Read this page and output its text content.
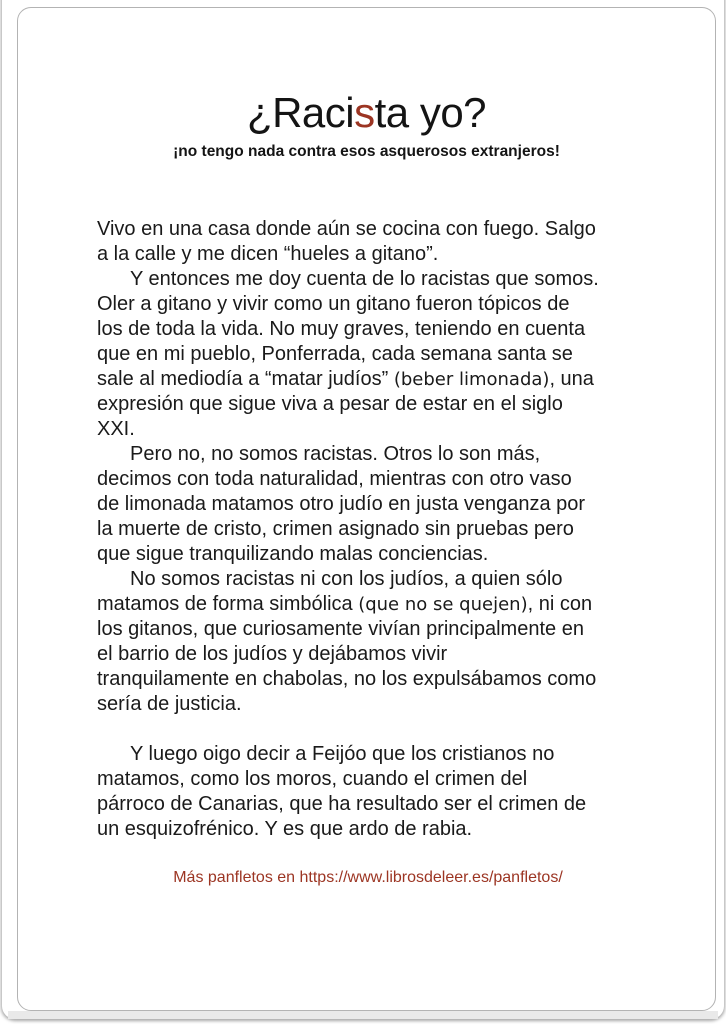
¿Racista yo?
¡no tengo nada contra esos asquerosos extranjeros!
Vivo en una casa donde aún se cocina con fuego. Salgo
a la calle y me dicen “hueles a gitano”.
Y entonces me doy cuenta de lo racistas que somos.
Oler a gitano y vivir como un gitano fueron tópicos de
los de toda la vida. No muy graves, teniendo en cuenta
que en mi pueblo, Ponferrada, cada semana santa se
sale al mediodía a “matar judíos” (beber limonada), una
expresión que sigue viva a pesar de estar en el siglo
XXI.
Pero no, no somos racistas. Otros lo son más,
decimos con toda naturalidad, mientras con otro vaso
de limonada matamos otro judío en justa venganza por
la muerte de cristo, crimen asignado sin pruebas pero
que sigue tranquilizando malas conciencias.
No somos racistas ni con los judíos, a quien sólo
matamos de forma simbólica (que no se quejen), ni con
los gitanos, que curiosamente vivían principalmente en
el barrio de los judíos y dejábamos vivir
tranquilamente en chabolas, no los expulsábamos como
sería de justicia.
Y luego oigo decir a Feijóo que los cristianos no
matamos, como los moros, cuando el crimen del
párroco de Canarias, que ha resultado ser el crimen de
un esquizofrénico. Y es que ardo de rabia.
Más panfletos en https://www.librosdeleer.es/panfletos/
